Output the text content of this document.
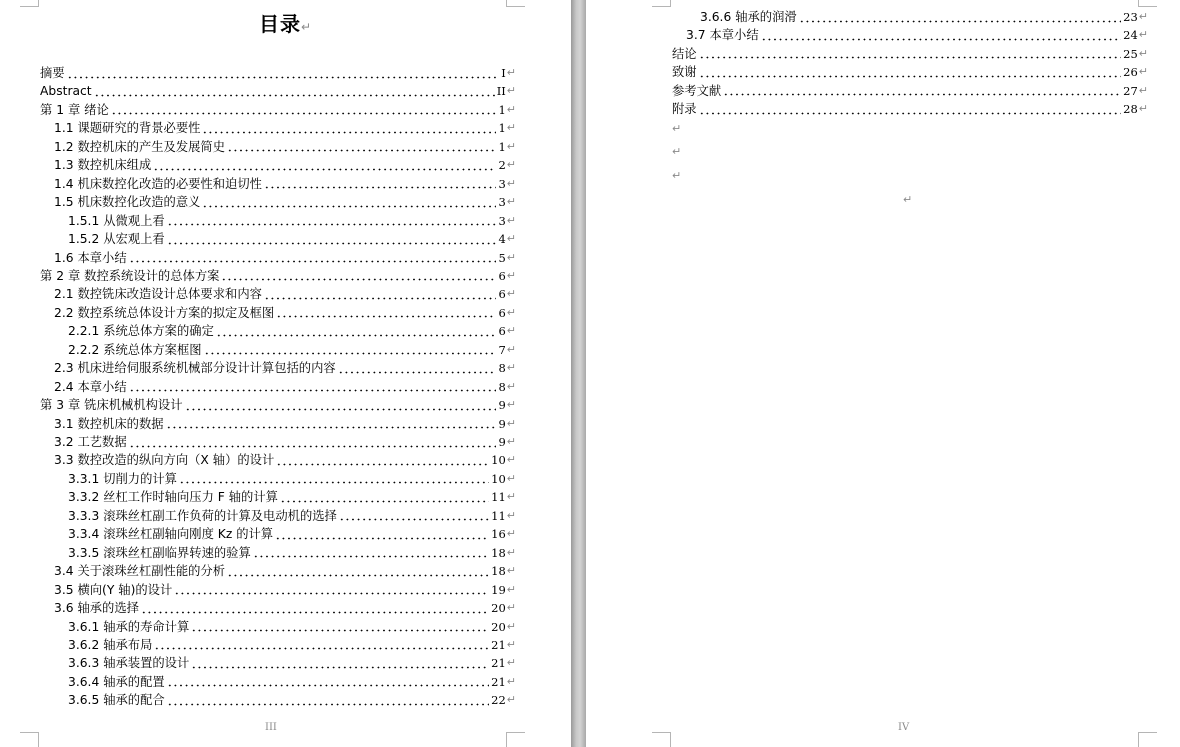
目录↵
摘要	I ↵
Abstract	II ↵
第 1 章 绪论	1 ↵
1.1 课题研究的背景必要性	1 ↵
1.2 数控机床的产生及发展简史	1 ↵
1.3 数控机床组成	2 ↵
1.4 机床数控化改造的必要性和迫切性	3 ↵
1.5 机床数控化改造的意义	3 ↵
1.5.1 从微观上看	3 ↵
1.5.2 从宏观上看	4 ↵
1.6 本章小结	5 ↵
第 2 章 数控系统设计的总体方案	6 ↵
2.1 数控铣床改造设计总体要求和内容	6 ↵
2.2 数控系统总体设计方案的拟定及框图	6 ↵
2.2.1 系统总体方案的确定	6 ↵
2.2.2 系统总体方案框图	7 ↵
2.3 机床进给伺服系统机械部分设计计算包括的内容	8 ↵
2.4 本章小结	8 ↵
第 3 章 铣床机械机构设计	9 ↵
3.1 数控机床的数据	9 ↵
3.2 工艺数据	9 ↵
3.3 数控改造的纵向方向（X 轴）的设计	10 ↵
3.3.1 切削力的计算	10 ↵
3.3.2 丝杠工作时轴向压力 F 轴的计算	11 ↵
3.3.3 滚珠丝杠副工作负荷的计算及电动机的选择	11 ↵
3.3.4 滚珠丝杠副轴向刚度 Kz 的计算	16 ↵
3.3.5 滚珠丝杠副临界转速的验算	18 ↵
3.4 关于滚珠丝杠副性能的分析	18 ↵
3.5 横向(Y 轴)的设计	19 ↵
3.6 轴承的选择	20 ↵
3.6.1 轴承的寿命计算	20 ↵
3.6.2 轴承布局	21 ↵
3.6.3 轴承装置的设计	21 ↵
3.6.4 轴承的配置	21 ↵
3.6.5 轴承的配合	22 ↵
III
3.6.6 轴承的润滑	23 ↵
3.7 本章小结	24 ↵
结论	25 ↵
致谢	26 ↵
参考文献	27 ↵
附录	28 ↵
↵
↵
↵
↵
IV
